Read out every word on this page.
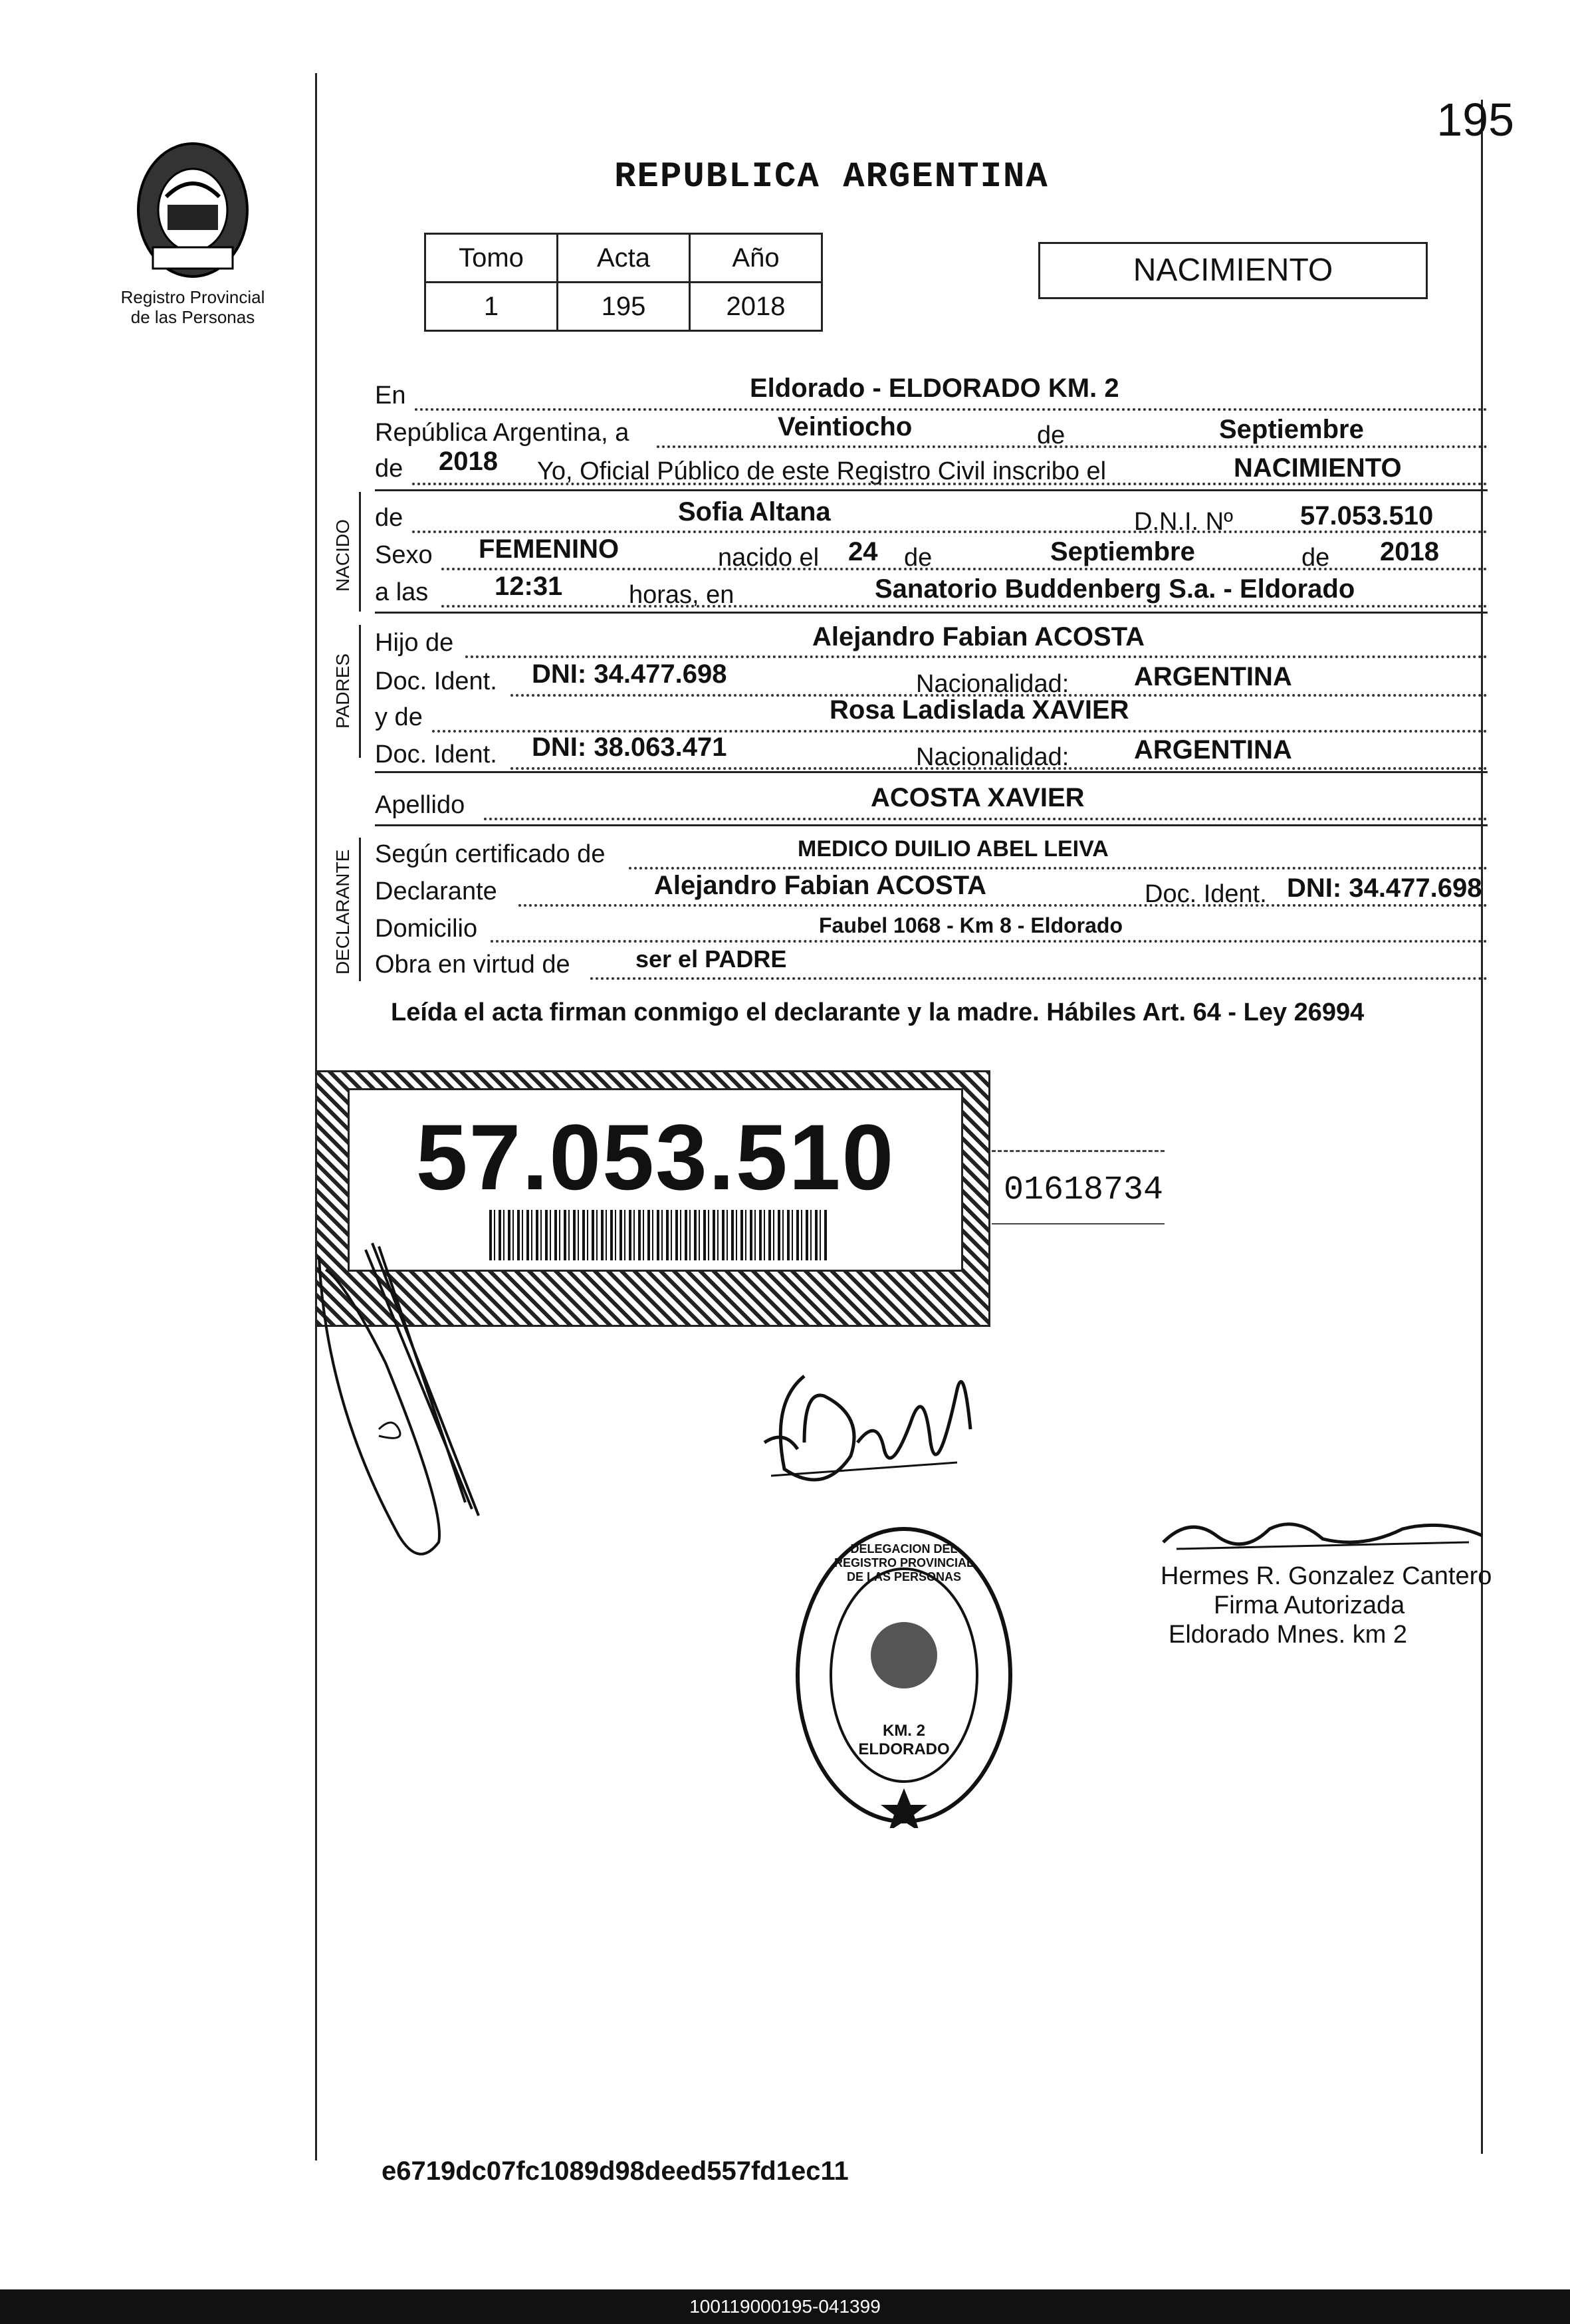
Registro Provincial
de las Personas
195
REPUBLICA ARGENTINA
Tomo	Acta	Año
1	195	2018
NACIMIENTO
En	Eldorado - ELDORADO KM. 2
República Argentina, a	Veintiocho	de	Septiembre
de 2018 Yo, Oficial Público de este Registro Civil inscribo el	NACIMIENTO
NACIDO
de	Sofia Altana	D.N.I. Nº	57.053.510
Sexo FEMENINO	nacido el 24 de	Septiembre	de 2018
a las 12:31	horas, en	Sanatorio Buddenberg S.a. - Eldorado
PADRES
Hijo de	Alejandro Fabian ACOSTA
Doc. Ident. DNI: 34.477.698	Nacionalidad: ARGENTINA
y de	Rosa Ladislada XAVIER
Doc. Ident. DNI: 38.063.471	Nacionalidad: ARGENTINA
Apellido	ACOSTA XAVIER
DECLARANTE Según certificado de	MEDICO DUILIO ABEL LEIVA
Declarante	Alejandro Fabian ACOSTA	Doc. Ident. DNI: 34.477.698
Domicilio	Faubel 1068 - Km 8 - Eldorado
Obra en virtud de	ser el PADRE
Leída el acta firman conmigo el declarante y la madre. Hábiles Art. 64 - Ley 26994
57.053.510	01618734
DELEGACION DEL REGISTRO PROVINCIAL DE LAS PERSONAS
KM. 2 ELDORADO
Hermes R. Gonzalez Cantero
Firma Autorizada
Eldorado Mnes. km 2
e6719dc07fc1089d98deed557fd1ec11
100119000195-041399
